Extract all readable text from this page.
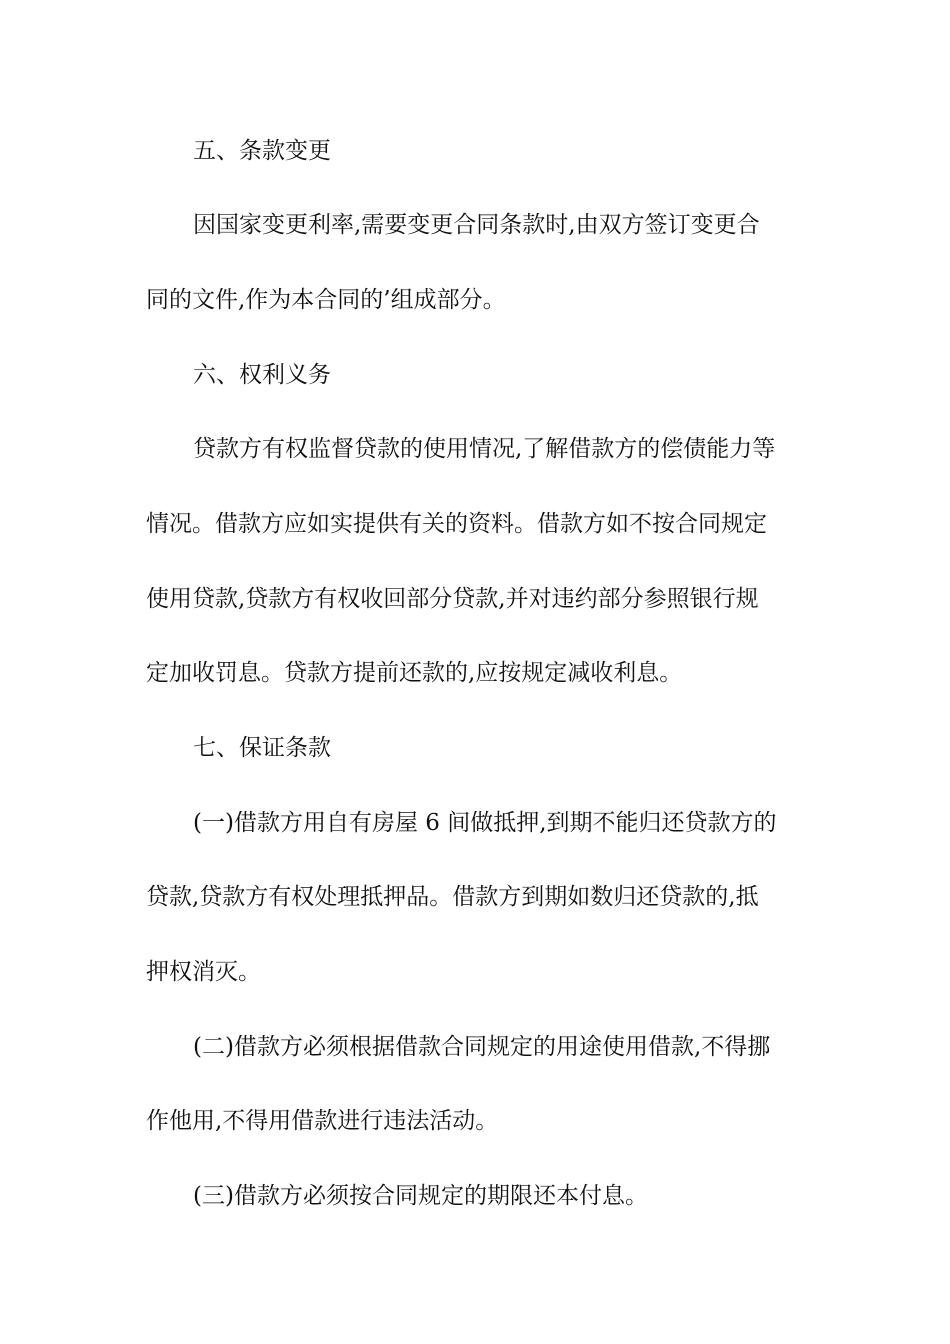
五、条款变更
因国家变更利率,需要变更合同条款时,由双方签订变更合
同的文件,作为本合同的’组成部分。
六、权利义务
贷款方有权监督贷款的使用情况,了解借款方的偿债能力等
情况。借款方应如实提供有关的资料。借款方如不按合同规定
使用贷款,贷款方有权收回部分贷款,并对违约部分参照银行规
定加收罚息。贷款方提前还款的,应按规定减收利息。
七、保证条款
(一)借款方用自有房屋 6 间做抵押,到期不能归还贷款方的
贷款,贷款方有权处理抵押品。借款方到期如数归还贷款的,抵
押权消灭。
(二)借款方必须根据借款合同规定的用途使用借款,不得挪
作他用,不得用借款进行违法活动。
(三)借款方必须按合同规定的期限还本付息。
